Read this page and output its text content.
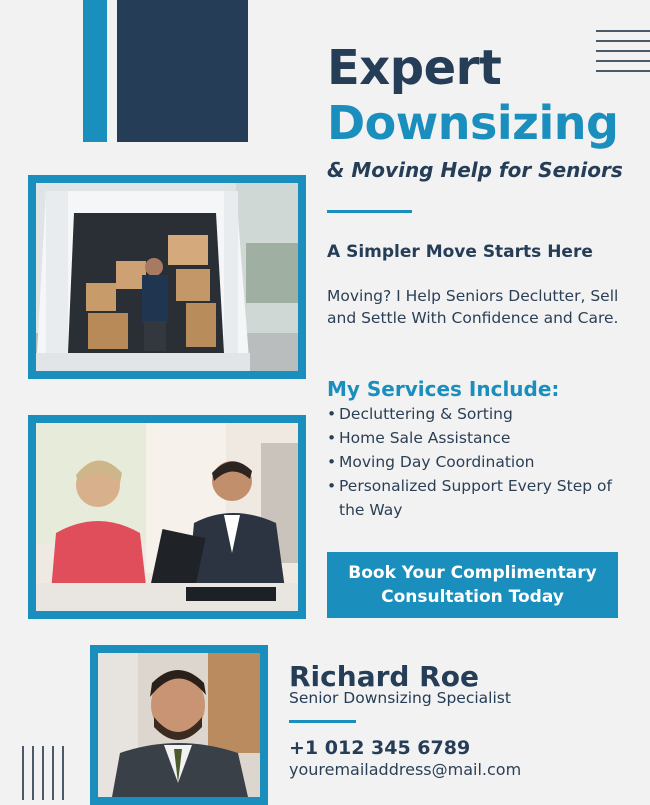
Expert
Downsizing
& Moving Help for Seniors
A Simpler Move Starts Here
Moving? I Help Seniors Declutter, Sell and Settle With Confidence and Care.
My Services Include:
• Decluttering & Sorting
• Home Sale Assistance
• Moving Day Coordination
• Personalized Support Every Step of the Way
Book Your Complimentary Consultation Today
Richard Roe
Senior Downsizing Specialist
+1 012 345 6789
youremailaddress@mail.com
